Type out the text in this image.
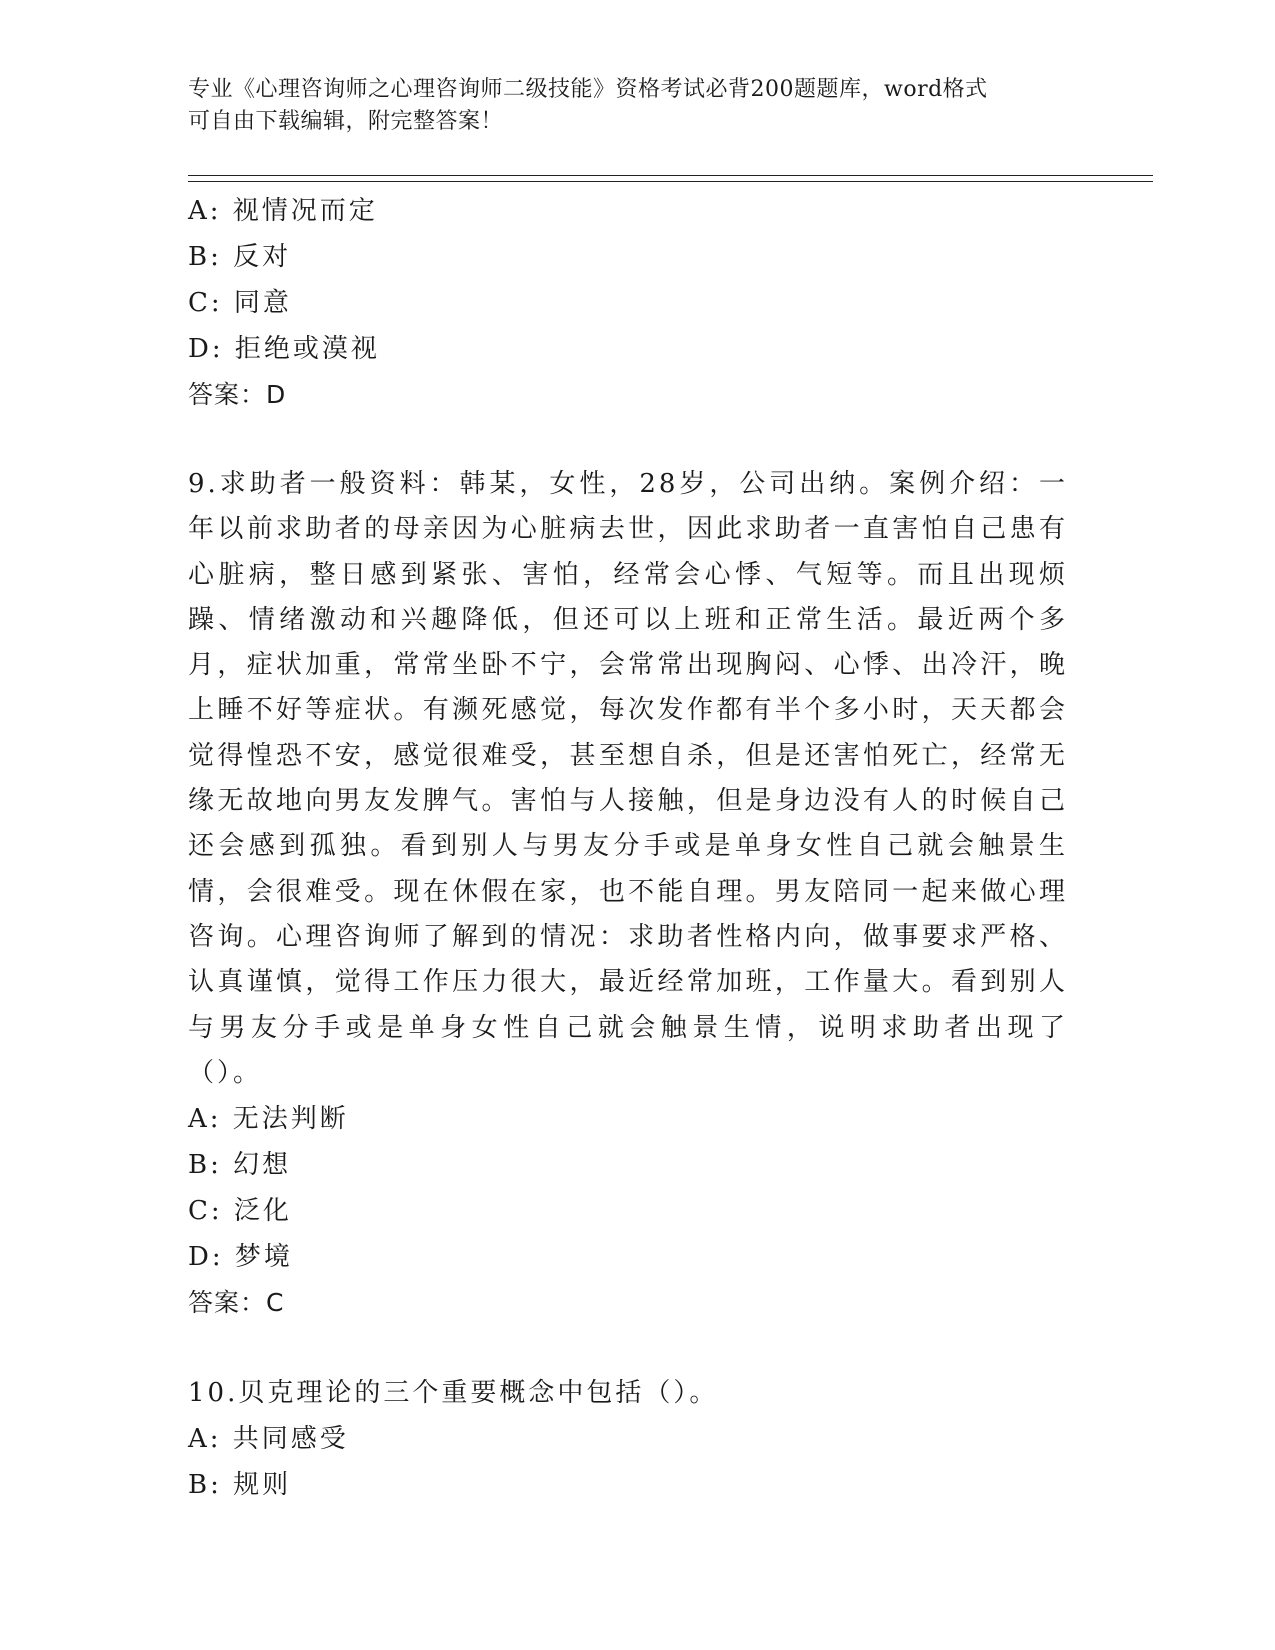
专业《心理咨询师之心理咨询师二级技能》资格考试必背200题题库，word格式
可自由下载编辑，附完整答案！
A: 视情况而定
B: 反对
C: 同意
D: 拒绝或漠视
答案：D
9.求助者一般资料：韩某，女性，28岁，公司出纳。案例介绍：一年以前求助者的母亲因为心脏病去世，因此求助者一直害怕自己患有心脏病，整日感到紧张、害怕，经常会心悸、气短等。而且出现烦躁、情绪激动和兴趣降低，但还可以上班和正常生活。最近两个多月，症状加重，常常坐卧不宁，会常常出现胸闷、心悸、出冷汗，晚上睡不好等症状。有濒死感觉，每次发作都有半个多小时，天天都会觉得惶恐不安，感觉很难受，甚至想自杀，但是还害怕死亡，经常无缘无故地向男友发脾气。害怕与人接触，但是身边没有人的时候自己还会感到孤独。看到别人与男友分手或是单身女性自己就会触景生情，会很难受。现在休假在家，也不能自理。男友陪同一起来做心理咨询。心理咨询师了解到的情况：求助者性格内向，做事要求严格、认真谨慎，觉得工作压力很大，最近经常加班，工作量大。看到别人与男友分手或是单身女性自己就会触景生情，说明求助者出现了（）。
A: 无法判断
B: 幻想
C: 泛化
D: 梦境
答案：C
10.贝克理论的三个重要概念中包括（）。
A: 共同感受
B: 规则
